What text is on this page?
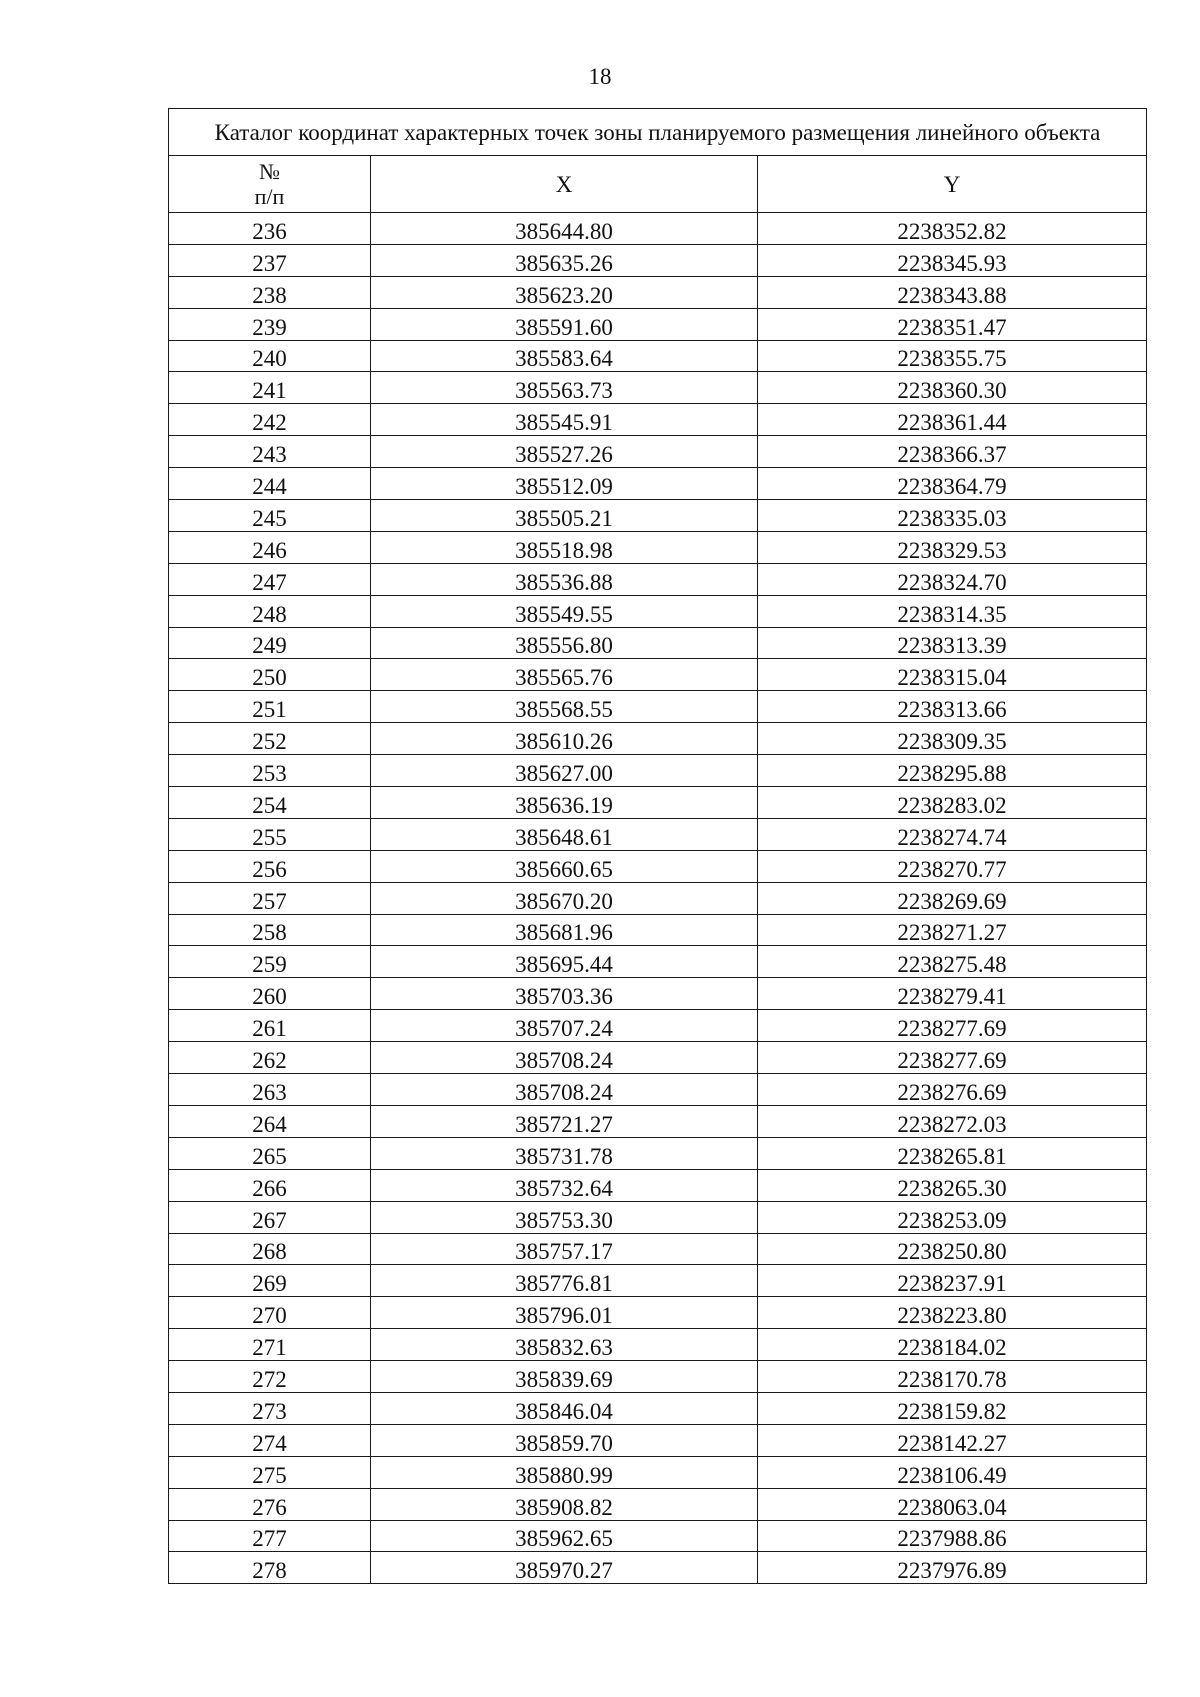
18
Каталог координат характерных точек зоны планируемого размещения линейного объекта		

№
п/п	X	Y
236	385644.80	2238352.82
237	385635.26	2238345.93
238	385623.20	2238343.88
239	385591.60	2238351.47
240	385583.64	2238355.75
241	385563.73	2238360.30
242	385545.91	2238361.44
243	385527.26	2238366.37
244	385512.09	2238364.79
245	385505.21	2238335.03
246	385518.98	2238329.53
247	385536.88	2238324.70
248	385549.55	2238314.35
249	385556.80	2238313.39
250	385565.76	2238315.04
251	385568.55	2238313.66
252	385610.26	2238309.35
253	385627.00	2238295.88
254	385636.19	2238283.02
255	385648.61	2238274.74
256	385660.65	2238270.77
257	385670.20	2238269.69
258	385681.96	2238271.27
259	385695.44	2238275.48
260	385703.36	2238279.41
261	385707.24	2238277.69
262	385708.24	2238277.69
263	385708.24	2238276.69
264	385721.27	2238272.03
265	385731.78	2238265.81
266	385732.64	2238265.30
267	385753.30	2238253.09
268	385757.17	2238250.80
269	385776.81	2238237.91
270	385796.01	2238223.80
271	385832.63	2238184.02
272	385839.69	2238170.78
273	385846.04	2238159.82
274	385859.70	2238142.27
275	385880.99	2238106.49
276	385908.82	2238063.04
277	385962.65	2237988.86
278	385970.27	2237976.89
